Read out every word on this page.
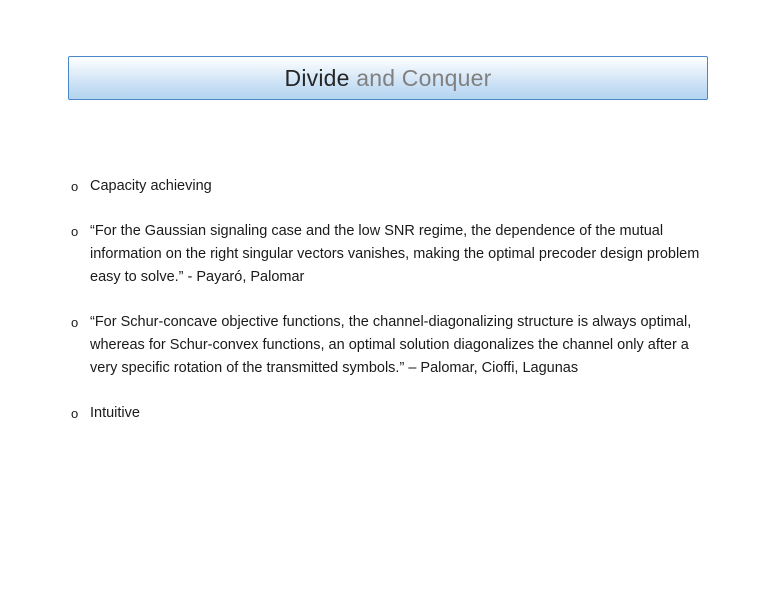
Divide and Conquer
o Capacity achieving
o “For the Gaussian signaling case and the low SNR regime, the dependence of the mutual information on the right singular vectors vanishes, making the optimal precoder design problem easy to solve.” - Payaró, Palomar
o “For Schur-concave objective functions, the channel-diagonalizing structure is always optimal, whereas for Schur-convex functions, an optimal solution diagonalizes the channel only after a very specific rotation of the transmitted symbols.” – Palomar, Cioffi, Lagunas
o Intuitive
